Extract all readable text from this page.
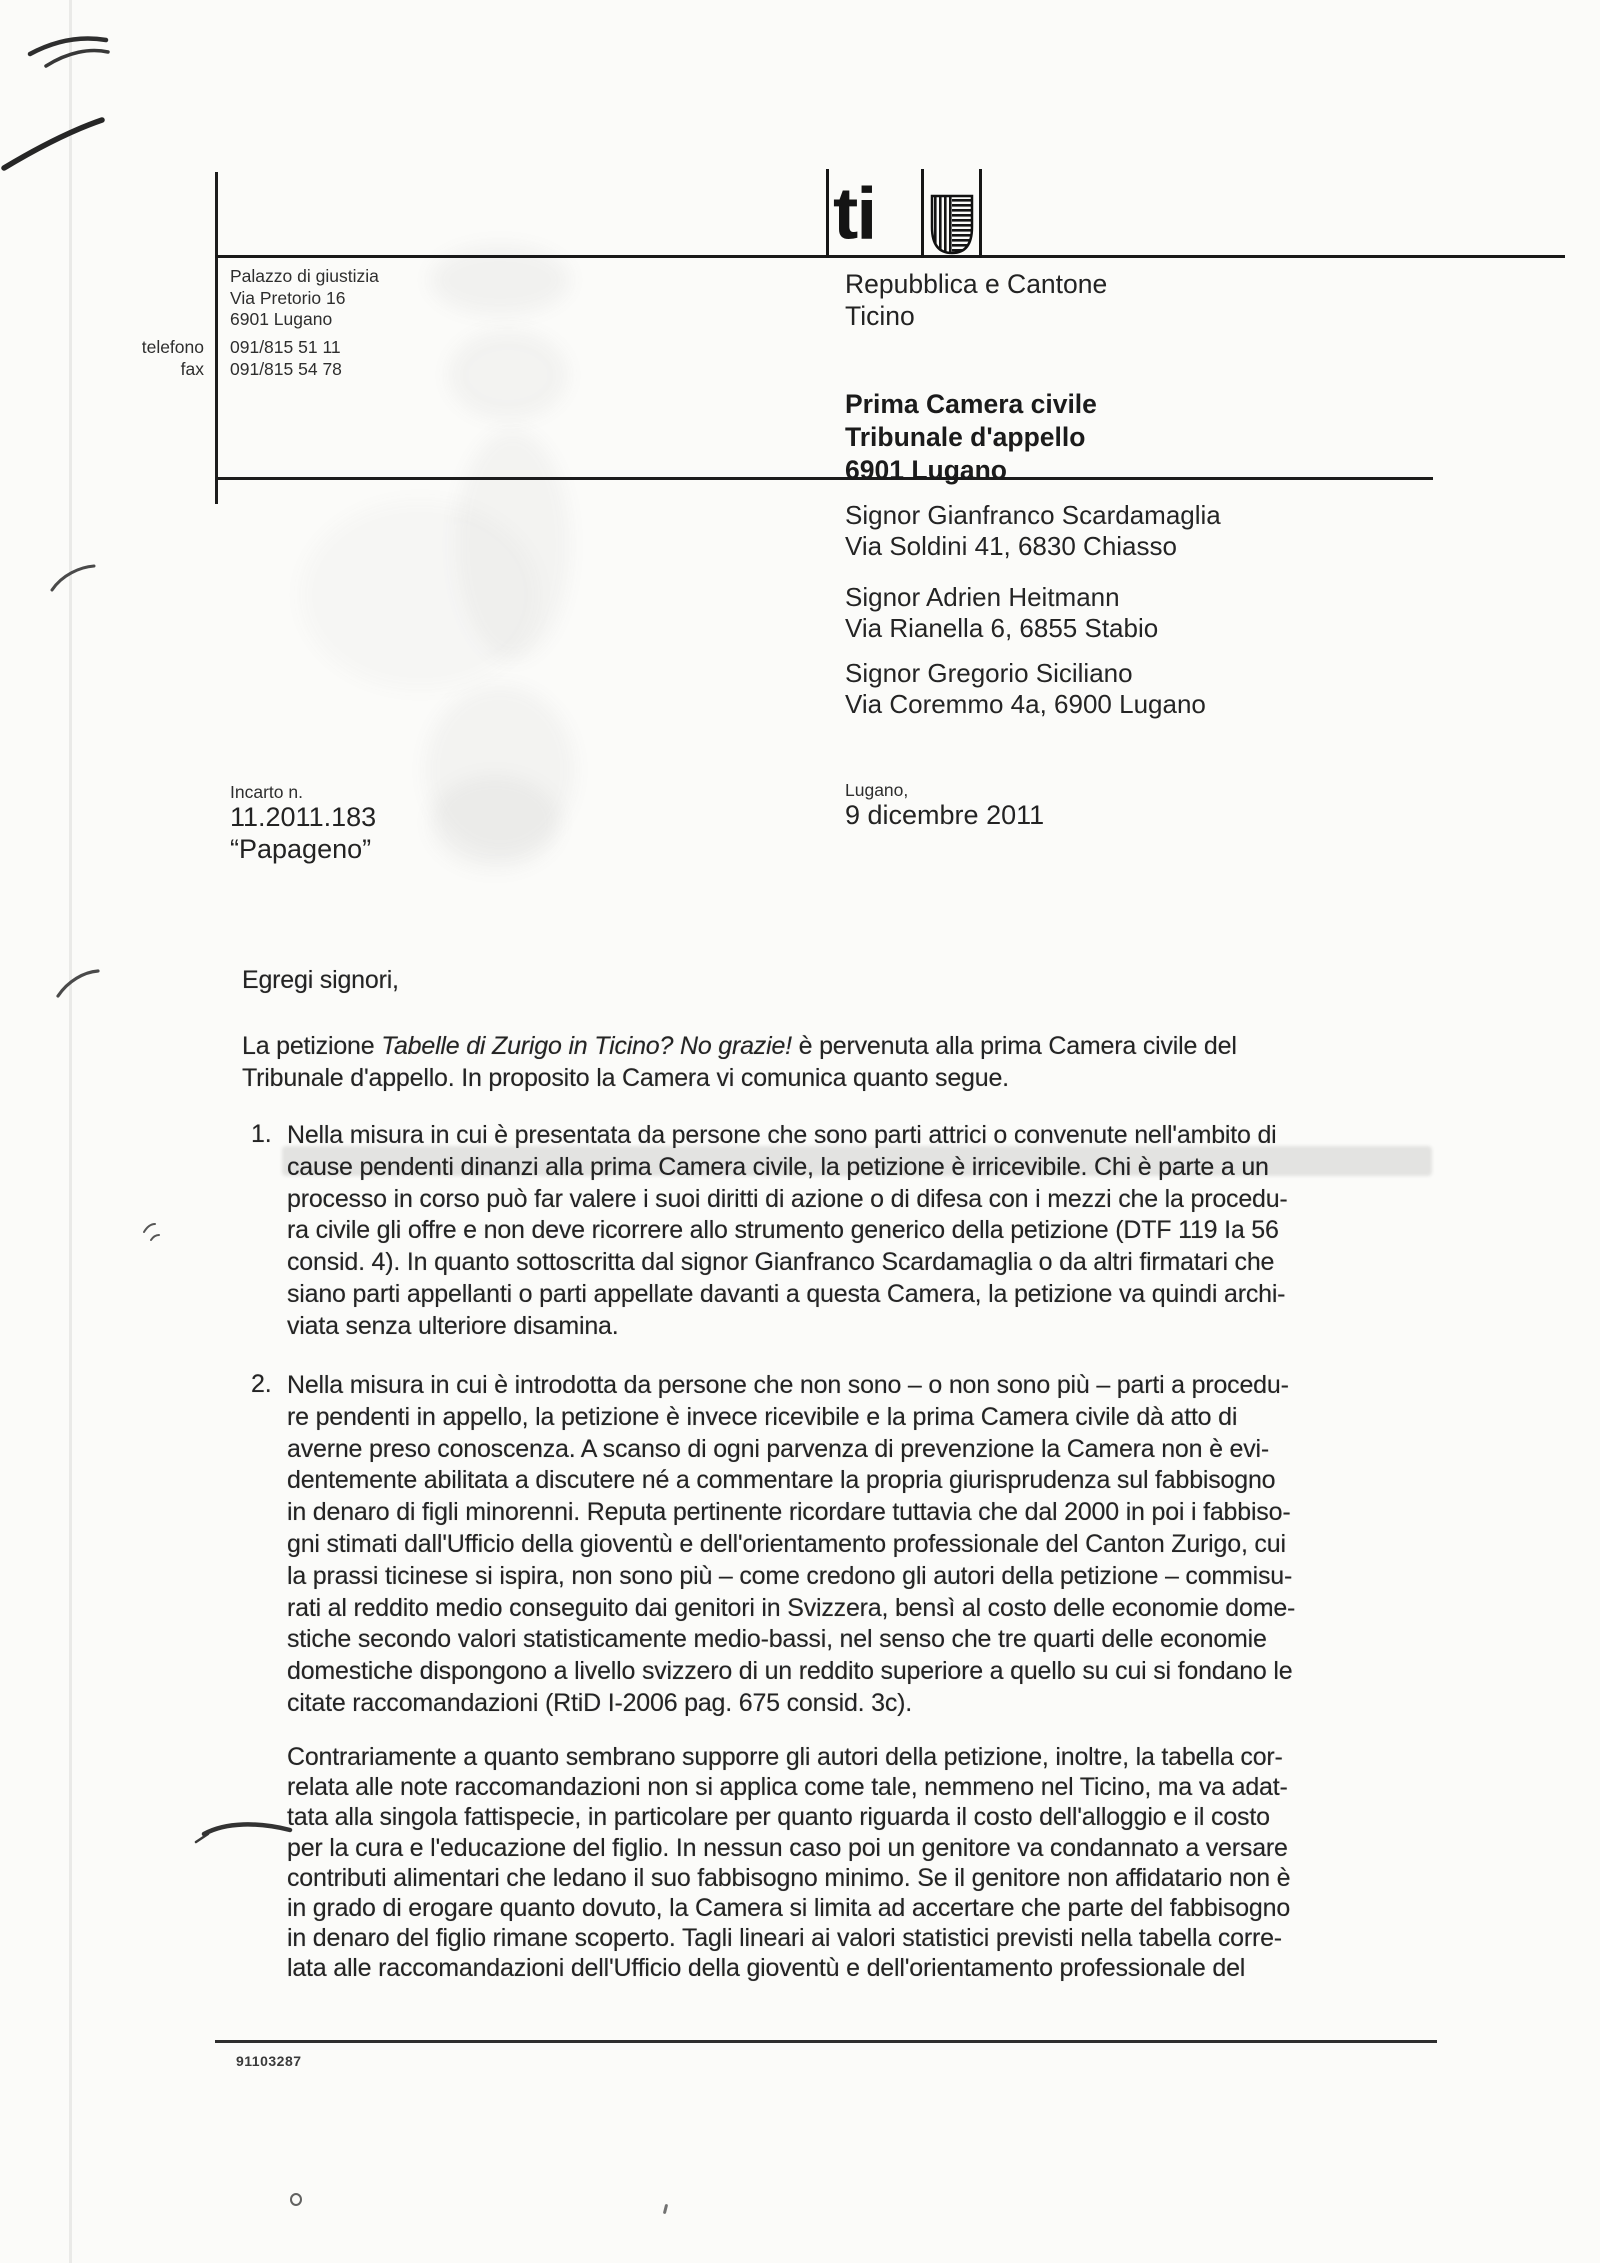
ti
Palazzo di giustizia
Via Pretorio 16
6901 Lugano
telefono 091/815 51 11
fax 091/815 54 78
Repubblica e Cantone
Ticino
Prima Camera civile
Tribunale d'appello
6901 Lugano
Signor Gianfranco Scardamaglia
Via Soldini 41, 6830 Chiasso
Signor Adrien Heitmann
Via Rianella 6, 6855 Stabio
Signor Gregorio Siciliano
Via Coremmo 4a, 6900 Lugano
Incarto n.
11.2011.183
“Papageno”
Lugano,
9 dicembre 2011
Egregi signori,
La petizione Tabelle di Zurigo in Ticino? No grazie! è pervenuta alla prima Camera civile del
Tribunale d'appello. In proposito la Camera vi comunica quanto segue.
1. Nella misura in cui è presentata da persone che sono parti attrici o convenute nell'ambito di
cause pendenti dinanzi alla prima Camera civile, la petizione è irricevibile. Chi è parte a un
processo in corso può far valere i suoi diritti di azione o di difesa con i mezzi che la procedu-
ra civile gli offre e non deve ricorrere allo strumento generico della petizione (DTF 119 Ia 56
consid. 4). In quanto sottoscritta dal signor Gianfranco Scardamaglia o da altri firmatari che
siano parti appellanti o parti appellate davanti a questa Camera, la petizione va quindi archi-
viata senza ulteriore disamina.
2. Nella misura in cui è introdotta da persone che non sono – o non sono più – parti a procedu-
re pendenti in appello, la petizione è invece ricevibile e la prima Camera civile dà atto di
averne preso conoscenza. A scanso di ogni parvenza di prevenzione la Camera non è evi-
dentemente abilitata a discutere né a commentare la propria giurisprudenza sul fabbisogno
in denaro di figli minorenni. Reputa pertinente ricordare tuttavia che dal 2000 in poi i fabbiso-
gni stimati dall'Ufficio della gioventù e dell'orientamento professionale del Canton Zurigo, cui
la prassi ticinese si ispira, non sono più – come credono gli autori della petizione – commisu-
rati al reddito medio conseguito dai genitori in Svizzera, bensì al costo delle economie dome-
stiche secondo valori statisticamente medio-bassi, nel senso che tre quarti delle economie
domestiche dispongono a livello svizzero di un reddito superiore a quello su cui si fondano le
citate raccomandazioni (RtiD I-2006 pag. 675 consid. 3c).
Contrariamente a quanto sembrano supporre gli autori della petizione, inoltre, la tabella cor-
relata alle note raccomandazioni non si applica come tale, nemmeno nel Ticino, ma va adat-
tata alla singola fattispecie, in particolare per quanto riguarda il costo dell'alloggio e il costo
per la cura e l'educazione del figlio. In nessun caso poi un genitore va condannato a versare
contributi alimentari che ledano il suo fabbisogno minimo. Se il genitore non affidatario non è
in grado di erogare quanto dovuto, la Camera si limita ad accertare che parte del fabbisogno
in denaro del figlio rimane scoperto. Tagli lineari ai valori statistici previsti nella tabella corre-
lata alle raccomandazioni dell'Ufficio della gioventù e dell'orientamento professionale del
91103287
